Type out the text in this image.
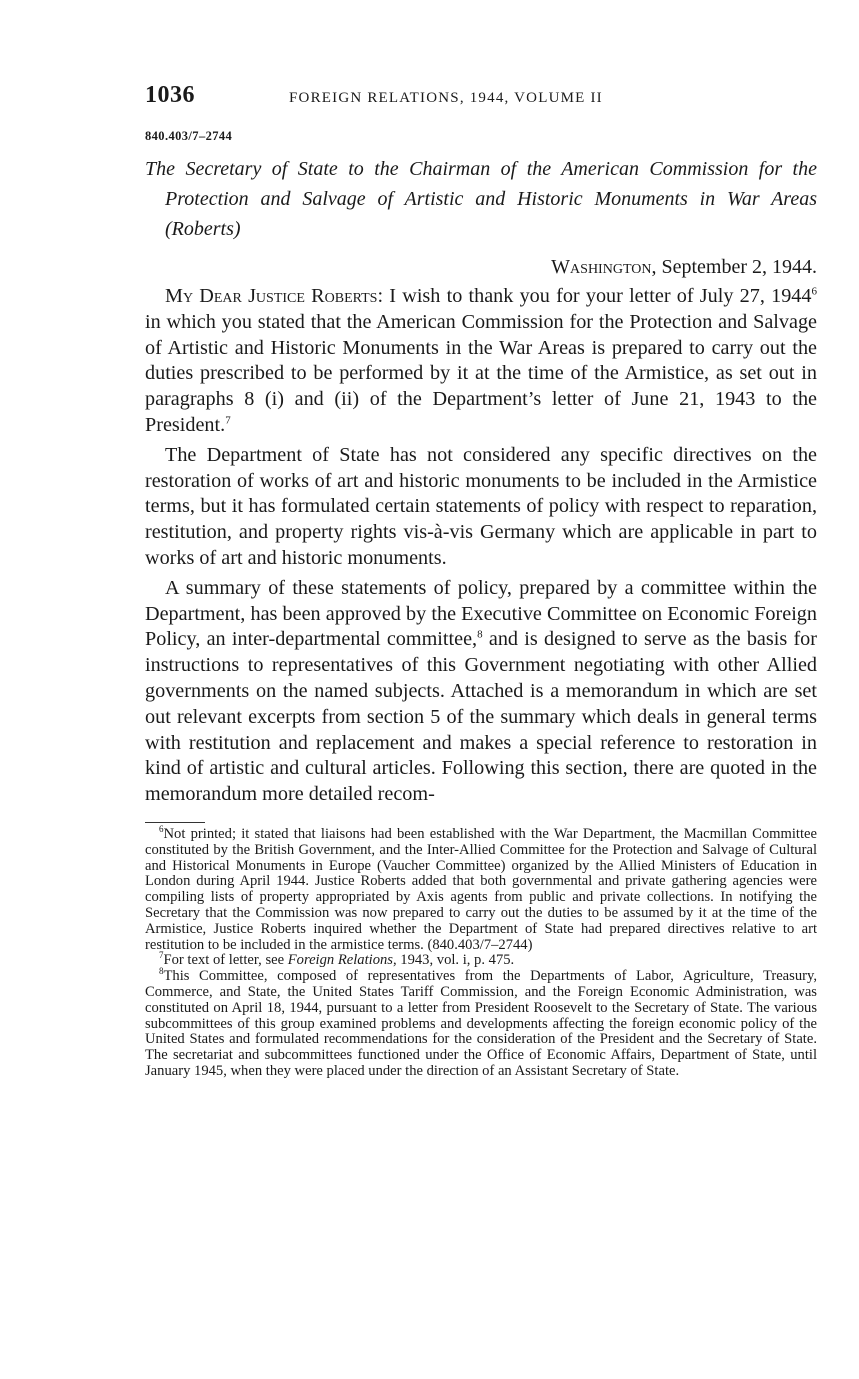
1036	FOREIGN RELATIONS, 1944, VOLUME II
840.403/7–2744
The Secretary of State to the Chairman of the American Commission for the Protection and Salvage of Artistic and Historic Monuments in War Areas (Roberts)
Washington, September 2, 1944.

My Dear Justice Roberts: I wish to thank you for your letter of July 27, 1944$^6$ in which you stated that the American Commission for the Protection and Salvage of Artistic and Historic Monuments in the War Areas is prepared to carry out the duties prescribed to be performed by it at the time of the Armistice, as set out in paragraphs 8 (i) and (ii) of the Department’s letter of June 21, 1943 to the President.$^7$

The Department of State has not considered any specific directives on the restoration of works of art and historic monuments to be included in the Armistice terms, but it has formulated certain statements of policy with respect to reparation, restitution, and property rights vis-à-vis Germany which are applicable in part to works of art and historic monuments.

A summary of these statements of policy, prepared by a committee within the Department, has been approved by the Executive Committee on Economic Foreign Policy, an inter-departmental committee,$^8$ and is designed to serve as the basis for instructions to representatives of this Government negotiating with other Allied governments on the named subjects. Attached is a memorandum in which are set out relevant excerpts from section 5 of the summary which deals in general terms with restitution and replacement and makes a special reference to restoration in kind of artistic and cultural articles. Following this section, there are quoted in the memorandum more detailed recom-

$^6$Not printed; it stated that liaisons had been established with the War Department, the Macmillan Committee constituted by the British Government, and the Inter-Allied Committee for the Protection and Salvage of Cultural and Historical Monuments in Europe (Vaucher Committee) organized by the Allied Ministers of Education in London during April 1944. Justice Roberts added that both governmental and private gathering agencies were compiling lists of property appropriated by Axis agents from public and private collections. In notifying the Secretary that the Commission was now prepared to carry out the duties to be assumed by it at the time of the Armistice, Justice Roberts inquired whether the Department of State had prepared directives relative to art restitution to be included in the armistice terms. (840.403/7–2744)

$^7$For text of letter, see Foreign Relations, 1943, vol. i, p. 475.

$^8$This Committee, composed of representatives from the Departments of Labor, Agriculture, Treasury, Commerce, and State, the United States Tariff Commission, and the Foreign Economic Administration, was constituted on April 18, 1944, pursuant to a letter from President Roosevelt to the Secretary of State. The various subcommittees of this group examined problems and developments affecting the foreign economic policy of the United States and formulated recommendations for the consideration of the President and the Secretary of State. The secretariat and subcommittees functioned under the Office of Economic Affairs, Department of State, until January 1945, when they were placed under the direction of an Assistant Secretary of State.
